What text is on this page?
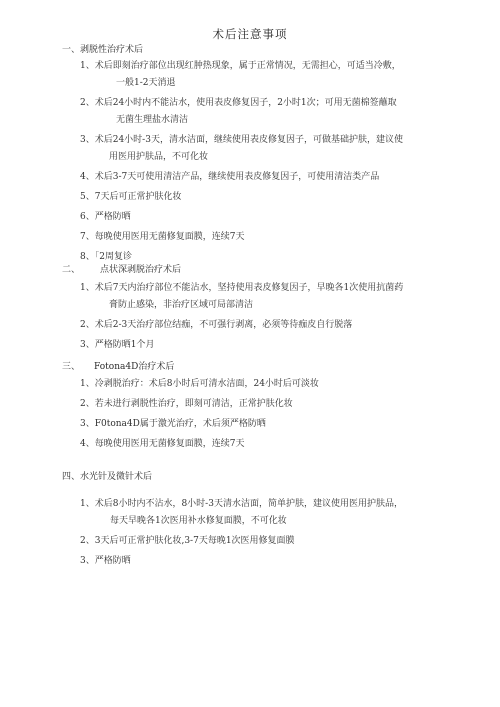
术后注意事项
一、剥脱性治疗术后
1、术后即刻治疗部位出现红肿热现象，属于正常情况，无需担心，可适当冷敷，
一般1-2天消退
2、术后24小时内不能沾水，使用表皮修复因子，2小时1次；可用无菌棉签蘸取
无菌生理盐水清洁
3、术后24小时-3天，清水洁面，继续使用表皮修复因子，可做基础护肤，建议使
用医用护肤品，不可化妆
4、术后3-7天可使用清洁产品，继续使用表皮修复因子，可使用清洁类产品
5、7天后可正常护肤化妆
6、严格防晒
7、每晚使用医用无菌修复面膜，连续7天
8、「2周复诊
二、 点状深剥脱治疗术后
1、术后7天内治疗部位不能沾水，坚持使用表皮修复因子，早晚各1次使用抗菌药
膏防止感染，非治疗区域可局部清洁
2、术后2-3天治疗部位结痂，不可强行剥离，必须等待痂皮自行脱落
3、严格防晒1个月
三、 Fotona4D治疗术后
1、冷剥脱治疗：术后8小时后可清水洁面，24小时后可淡妆
2、若未进行剥脱性治疗，即刻可清洁，正常护肤化妆
3、F0tona4D属于激光治疗，术后须严格防晒
4、每晚使用医用无菌修复面膜，连续7天
四、水光针及微针术后
1、术后8小时内不沾水，8小时-3天清水洁面，简单护肤，建议使用医用护肤品，
每天早晚各1次医用补水修复面膜，不可化妆
2、3天后可正常护肤化妆,3-7天每晚1次医用修复面膜
3、严格防晒
